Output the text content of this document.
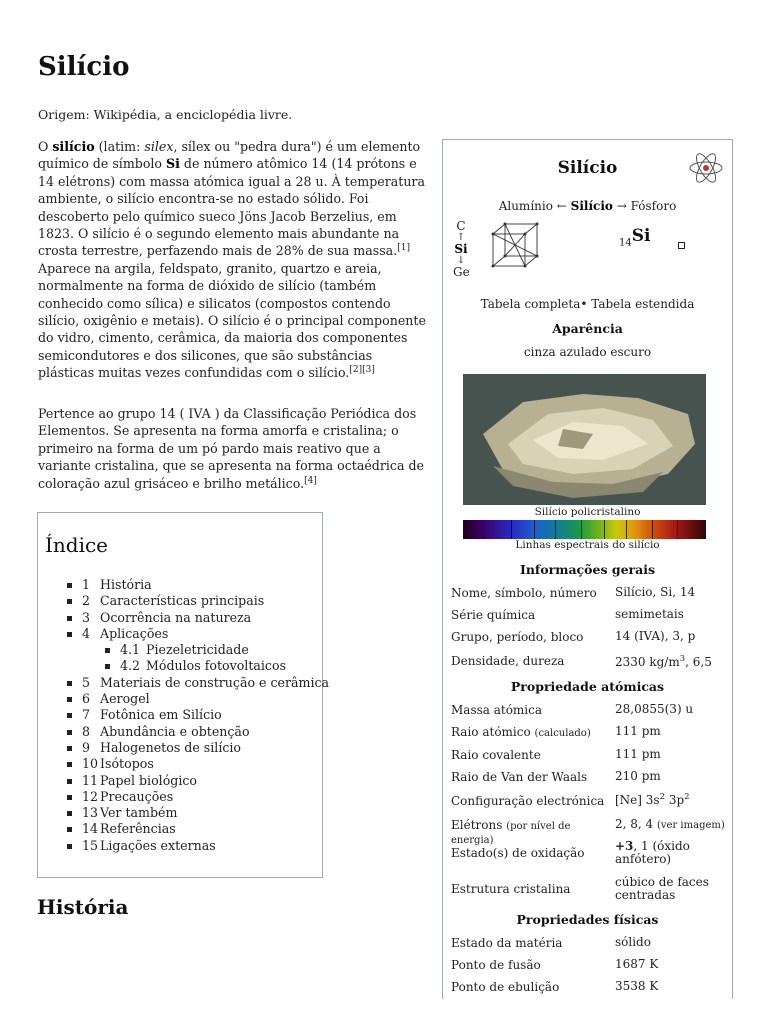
Silício
Origem: Wikipédia, a enciclopédia livre.

O silício (latim: silex, sílex ou "pedra dura") é um elemento químico de símbolo Si de número atômico 14 (14 prótons e 14 elétrons) com massa atómica igual a 28 u. À temperatura ambiente, o silício encontra-se no estado sólido. Foi descoberto pelo químico sueco Jöns Jacob Berzelius, em 1823. O silício é o segundo elemento mais abundante na crosta terrestre, perfazendo mais de 28% de sua massa.[1] Aparece na argila, feldspato, granito, quartzo e areia, normalmente na forma de dióxido de silício (também conhecido como sílica) e silicatos (compostos contendo silício, oxigênio e metais). O silício é o principal componente do vidro, cimento, cerâmica, da maioria dos componentes semicondutores e dos silicones, que são substâncias plásticas muitas vezes confundidas com o silício.[2][3]

Pertence ao grupo 14 ( IVA ) da Classificação Periódica dos Elementos. Se apresenta na forma amorfa e cristalina; o primeiro na forma de um pó pardo mais reativo que a variante cristalina, que se apresenta na forma octaédrica de coloração azul grisáceo e brilho metálico.[4]

Índice
1 História
2 Características principais
3 Ocorrência na natureza
4 Aplicações
4.1 Piezeletricidade
4.2 Módulos fotovoltaicos
5 Materiais de construção e cerâmica
6 Aerogel
7 Fotônica em Silício
8 Abundância e obtenção
9 Halogenetos de silício
10 Isótopos
11 Papel biológico
12 Precauções
13 Ver também
14 Referências
15 Ligações externas
História
Silício
Alumínio ← Silício → Fósforo
C
↑
Si
↓
Ge
$_{14}$Si
Tabela completa• Tabela estendida
Aparência
cinza azulado escuro
Silício policristalino
Linhas espectrais do silício
Informações gerais
Nome, símbolo, número	Silício, Si, 14
Série química	semimetais
Grupo, período, bloco	14 (IVA), 3, p
Densidade, dureza	2330 $kg/m^3$, 6,5
Propriedade atómicas
Massa atómica	28,0855(3) u
Raio atómico (calculado)	111 pm
Raio covalente	111 pm
Raio de Van der Waals	210 pm
Configuração electrónica [Ne] $3s^2$ $3p^2$
Elétrons (por nível de energia)
2, 8, 4 (ver imagem)
Estado(s) de oxidação	+3, 1 (óxido anfótero)
Estrutura cristalina	cúbico de faces centradas
Propriedades físicas
Estado da matéria	sólido
Ponto de fusão	1687 K
Ponto de ebulição	3538 K
